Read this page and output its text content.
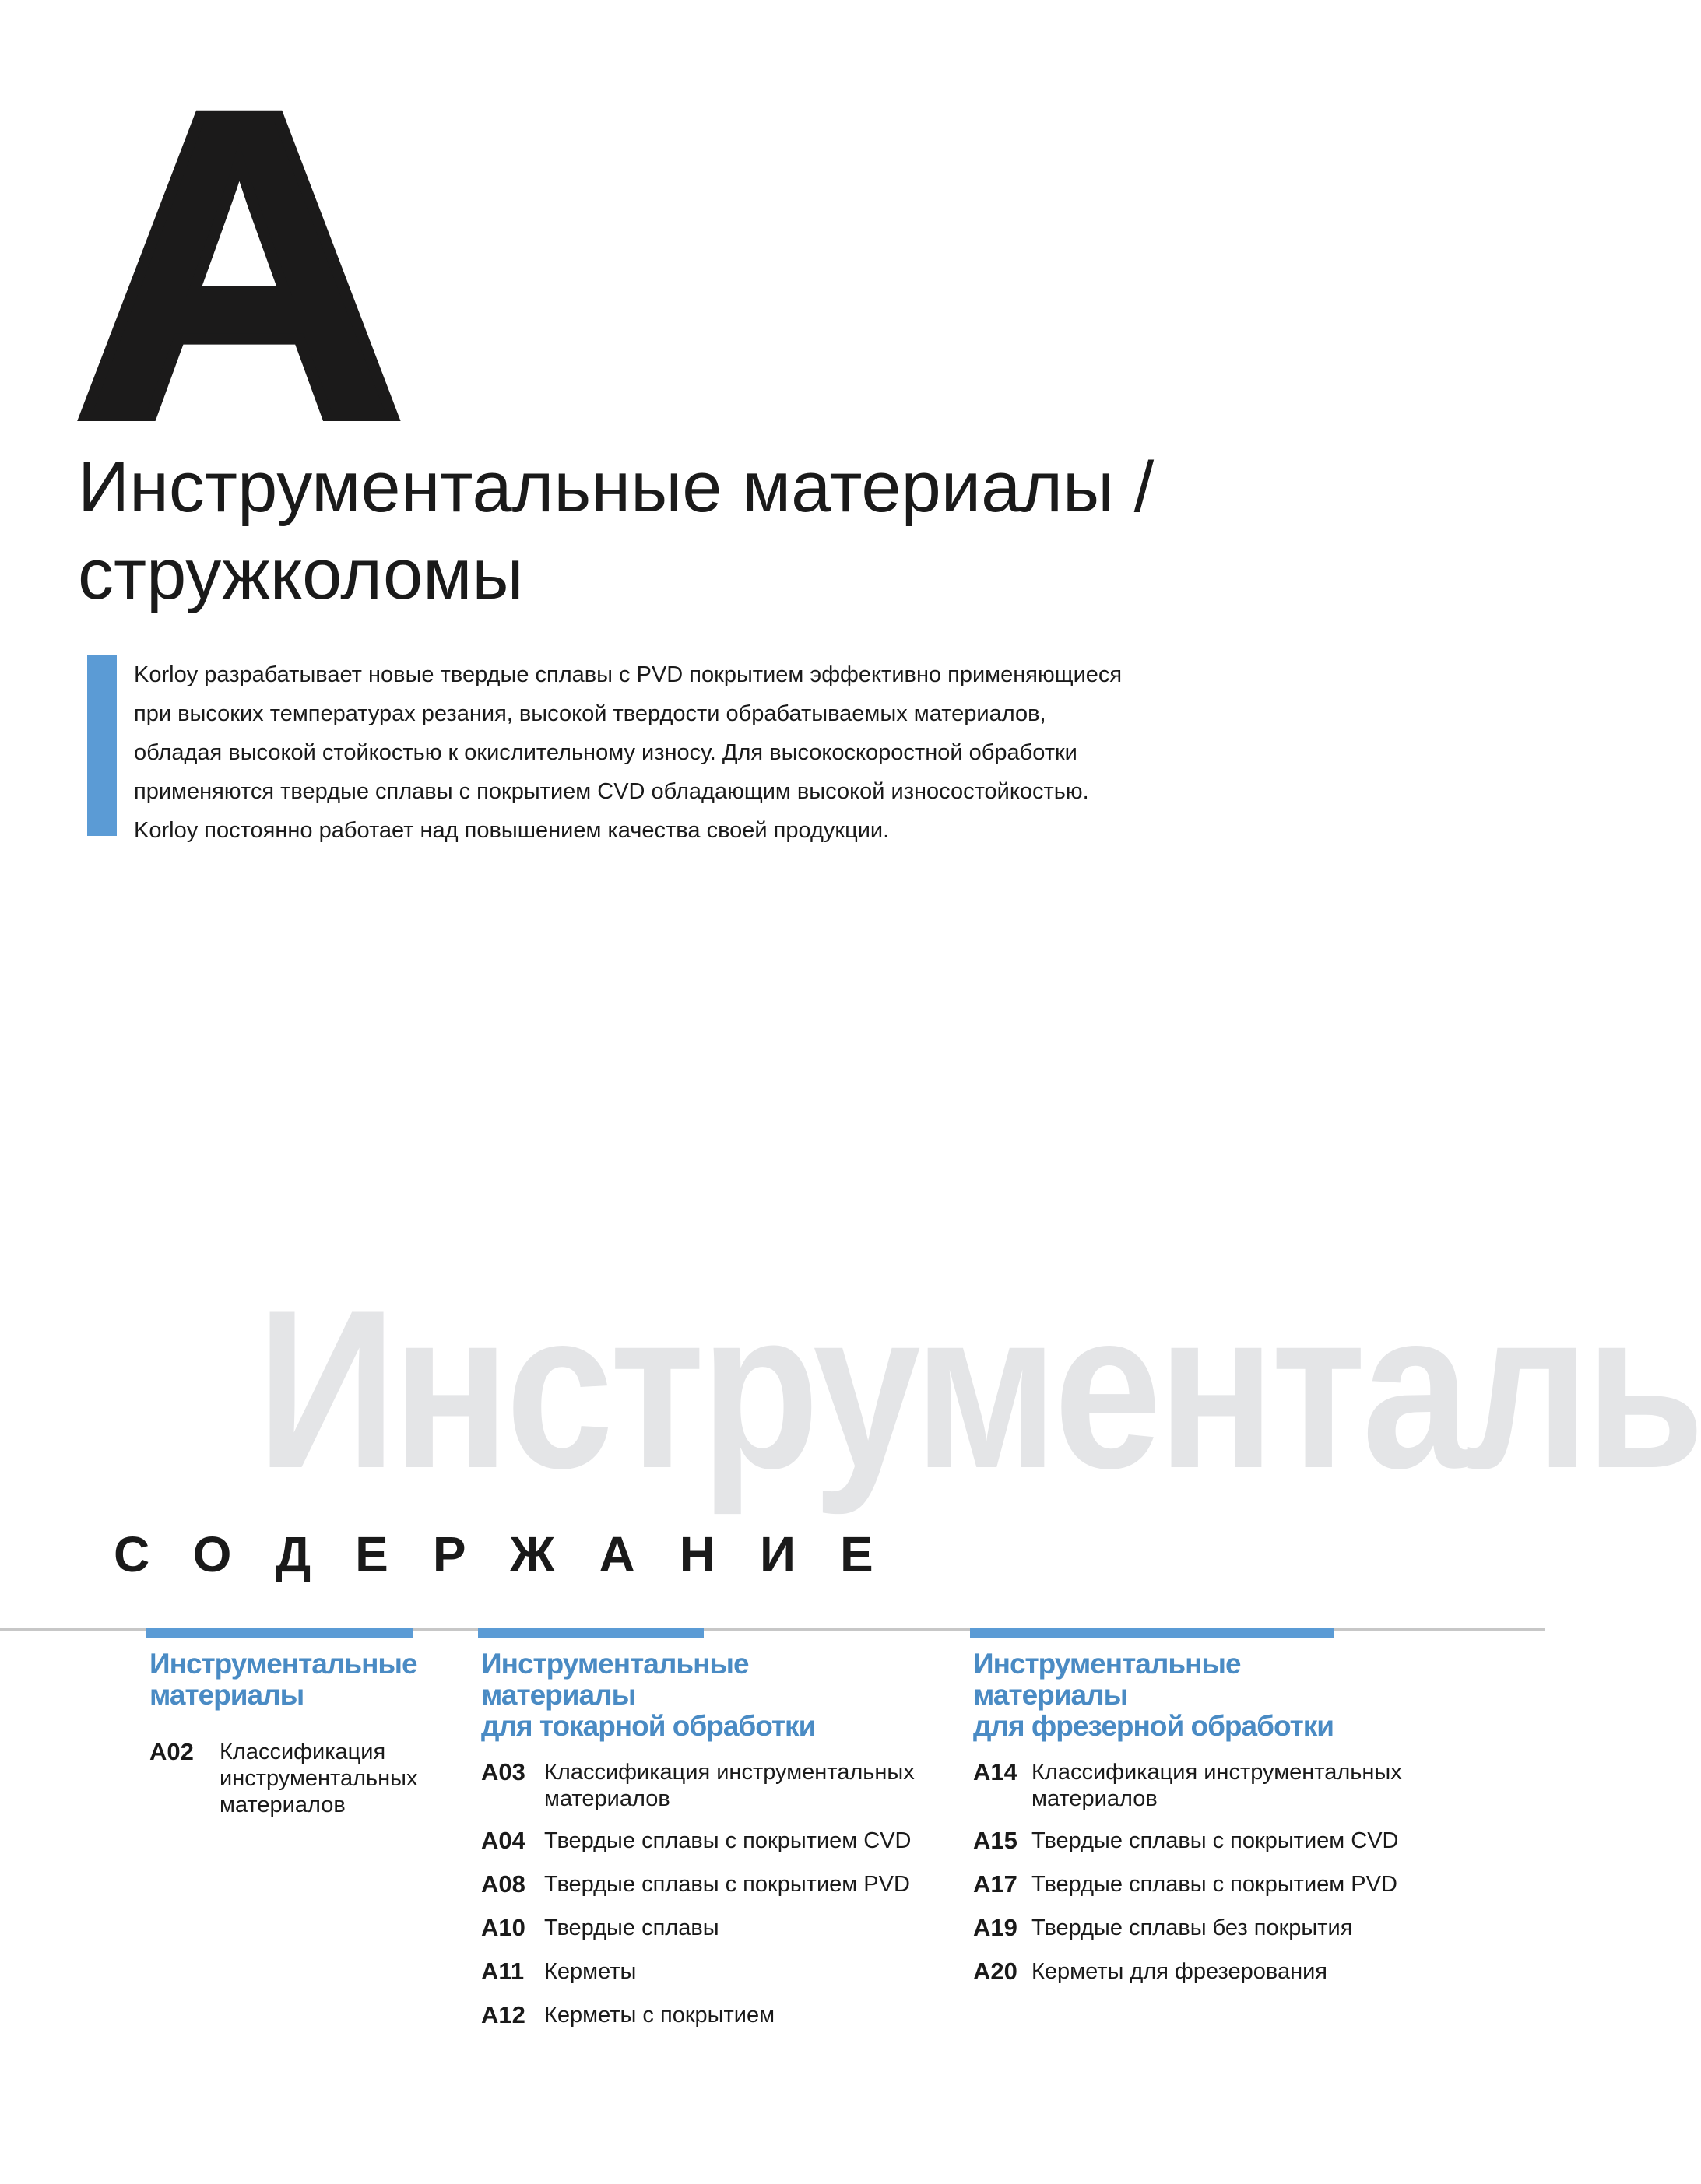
A
Инструментальные материалы /
стружколомы
Korloy разрабатывает новые твердые сплавы с PVD покрытием эффективно применяющиеся
при высоких температурах резания, высокой твердости обрабатываемых материалов,
обладая высокой стойкостью к окислительному износу. Для высокоскоростной обработки
применяются твердые сплавы с покрытием CVD обладающим высокой износостойкостью.
Korloy постоянно работает над повышением качества своей продукции.
Инструменталь
СОДЕРЖАНИЕ
Инструментальные
материалы
A02	Классификация
инструментальных
материалов
Инструментальные
материалы
для токарной обработки
A03 Классификация инструментальных
материалов
A04 Твердые сплавы с покрытием CVD
A08 Твердые сплавы с покрытием PVD
A10 Твердые сплавы
A11 Керметы
A12 Керметы с покрытием
Инструментальные
материалы
для фрезерной обработки
A14 Классификация инструментальных
материалов
A15 Твердые сплавы с покрытием CVD
A17 Твердые сплавы с покрытием PVD
A19 Твердые сплавы без покрытия
A20 Керметы для фрезерования
